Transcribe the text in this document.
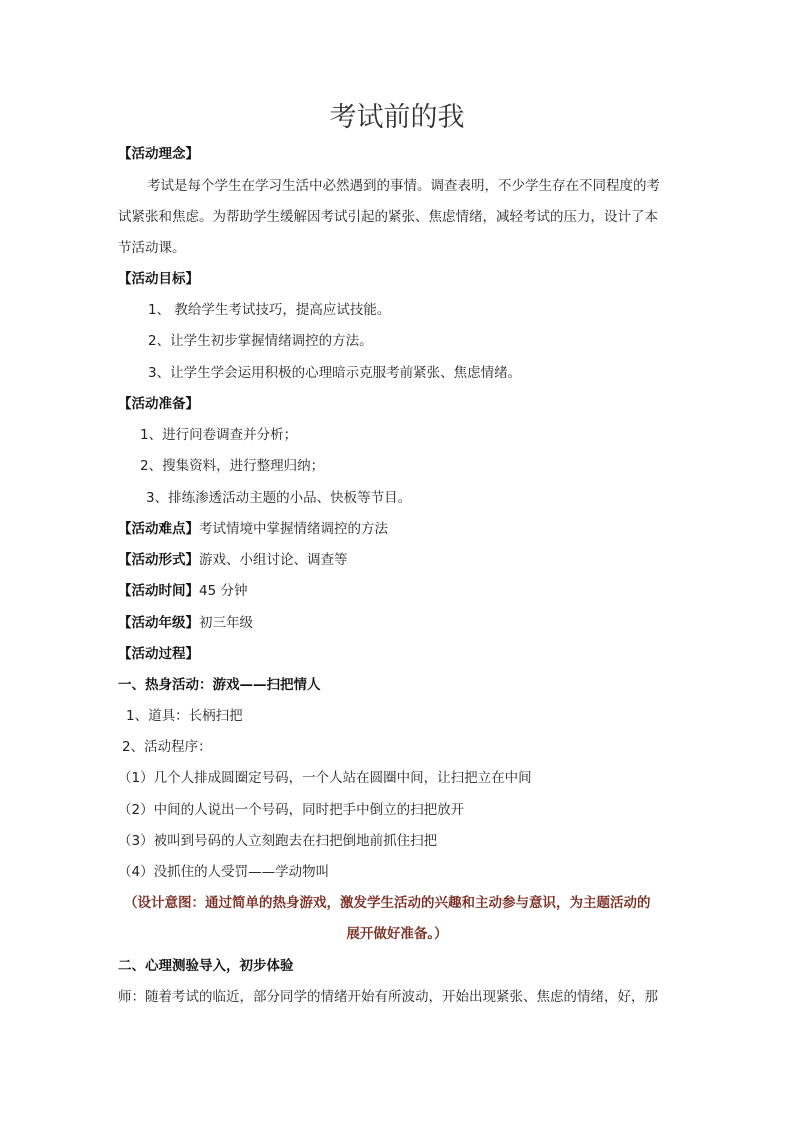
考试前的我
【活动理念】
考试是每个学生在学习生活中必然遇到的事情。调查表明，不少学生存在不同程度的考
试紧张和焦虑。为帮助学生缓解因考试引起的紧张、焦虑情绪，减轻考试的压力，设计了本
节活动课。
【活动目标】
1、 教给学生考试技巧，提高应试技能。
2、让学生初步掌握情绪调控的方法。
3、让学生学会运用积极的心理暗示克服考前紧张、焦虑情绪。
【活动准备】
1、进行问卷调查并分析；
2、搜集资料，进行整理归纳；
3、排练渗透活动主题的小品、快板等节目。
【活动难点】考试情境中掌握情绪调控的方法
【活动形式】游戏、小组讨论、调查等
【活动时间】45 分钟
【活动年级】初三年级
【活动过程】
一、热身活动：游戏——扫把情人
1、道具：长柄扫把
2、活动程序：
（1）几个人排成圆圈定号码，一个人站在圆圈中间，让扫把立在中间
（2）中间的人说出一个号码，同时把手中倒立的扫把放开
（3）被叫到号码的人立刻跑去在扫把倒地前抓住扫把
（4）没抓住的人受罚——学动物叫
（设计意图：通过简单的热身游戏，激发学生活动的兴趣和主动参与意识，为主题活动的
展开做好准备。）
二、心理测验导入，初步体验
师：随着考试的临近，部分同学的情绪开始有所波动，开始出现紧张、焦虑的情绪，好，那
